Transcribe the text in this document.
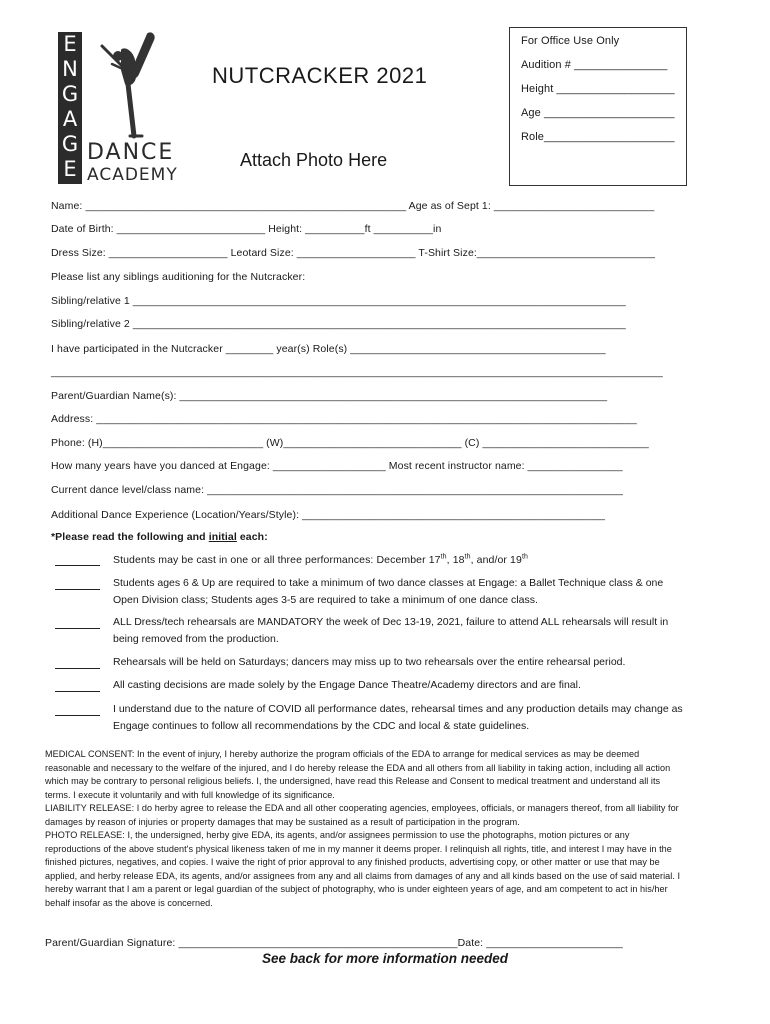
E
N
G
A
G
E
DANCE
ACADEMY
NUTCRACKER 2021
Attach Photo Here
For Office Use Only
Audition # _______________
Height ___________________
Age _____________________
Role_____________________
Name: ______________________________________________________ Age as of Sept 1: ___________________________
Date of Birth: _________________________ Height: __________ft __________in
Dress Size: ____________________ Leotard Size: ____________________ T-Shirt Size:______________________________
Please list any siblings auditioning for the Nutcracker:
Sibling/relative 1 ___________________________________________________________________________________
Sibling/relative 2 ___________________________________________________________________________________
I have participated in the Nutcracker ________ year(s) Role(s) ___________________________________________
_______________________________________________________________________________________________________
Parent/Guardian Name(s): ________________________________________________________________________
Address: ___________________________________________________________________________________________
Phone: (H)___________________________ (W)______________________________ (C) ____________________________
How many years have you danced at Engage: ___________________ Most recent instructor name: ________________
Current dance level/class name: ______________________________________________________________________
Additional Dance Experience (Location/Years/Style): ___________________________________________________
*Please read the following and initial each:
Students may be cast in one or all three performances: December 17th, 18th, and/or 19th
Students ages 6 & Up are required to take a minimum of two dance classes at Engage: a Ballet Technique class & one Open Division class; Students ages 3-5 are required to take a minimum of one dance class.
ALL Dress/tech rehearsals are MANDATORY the week of Dec 13-19, 2021, failure to attend ALL rehearsals will result in being removed from the production.
Rehearsals will be held on Saturdays; dancers may miss up to two rehearsals over the entire rehearsal period.
All casting decisions are made solely by the Engage Dance Theatre/Academy directors and are final.
I understand due to the nature of COVID all performance dates, rehearsal times and any production details may change as Engage continues to follow all recommendations by the CDC and local & state guidelines.

MEDICAL CONSENT: In the event of injury, I hereby authorize the program officials of the EDA to arrange for medical services as may be deemed reasonable and necessary to the welfare of the injured, and I do hereby release the EDA and all others from all liability in taking action, including all action which may be contrary to personal religious beliefs. I, the undersigned, have read this Release and Consent to medical treatment and understand all its terms. I execute it voluntarily and with full knowledge of its significance.

LIABILITY RELEASE: I do herby agree to release the EDA and all other cooperating agencies, employees, officials, or managers thereof, from all liability for damages by reason of injuries or property damages that may be sustained as a result of participation in the program.

PHOTO RELEASE: I, the undersigned, herby give EDA, its agents, and/or assignees permission to use the photographs, motion pictures or any reproductions of the above student's physical likeness taken of me in my manner it deems proper. I relinquish all rights, title, and interest I may have in the finished pictures, negatives, and copies. I waive the right of prior approval to any finished products, advertising copy, or other matter or use that may be applied, and herby release EDA, its agents, and/or assignees from any and all claims from damages of any and all kinds based on the use of said material. I hereby warrant that I am a parent or legal guardian of the subject of photography, who is under eighteen years of age, and am competent to act in his/her behalf insofar as the above is concerned.

Parent/Guardian Signature: _______________________________________________Date: _______________________
See back for more information needed
